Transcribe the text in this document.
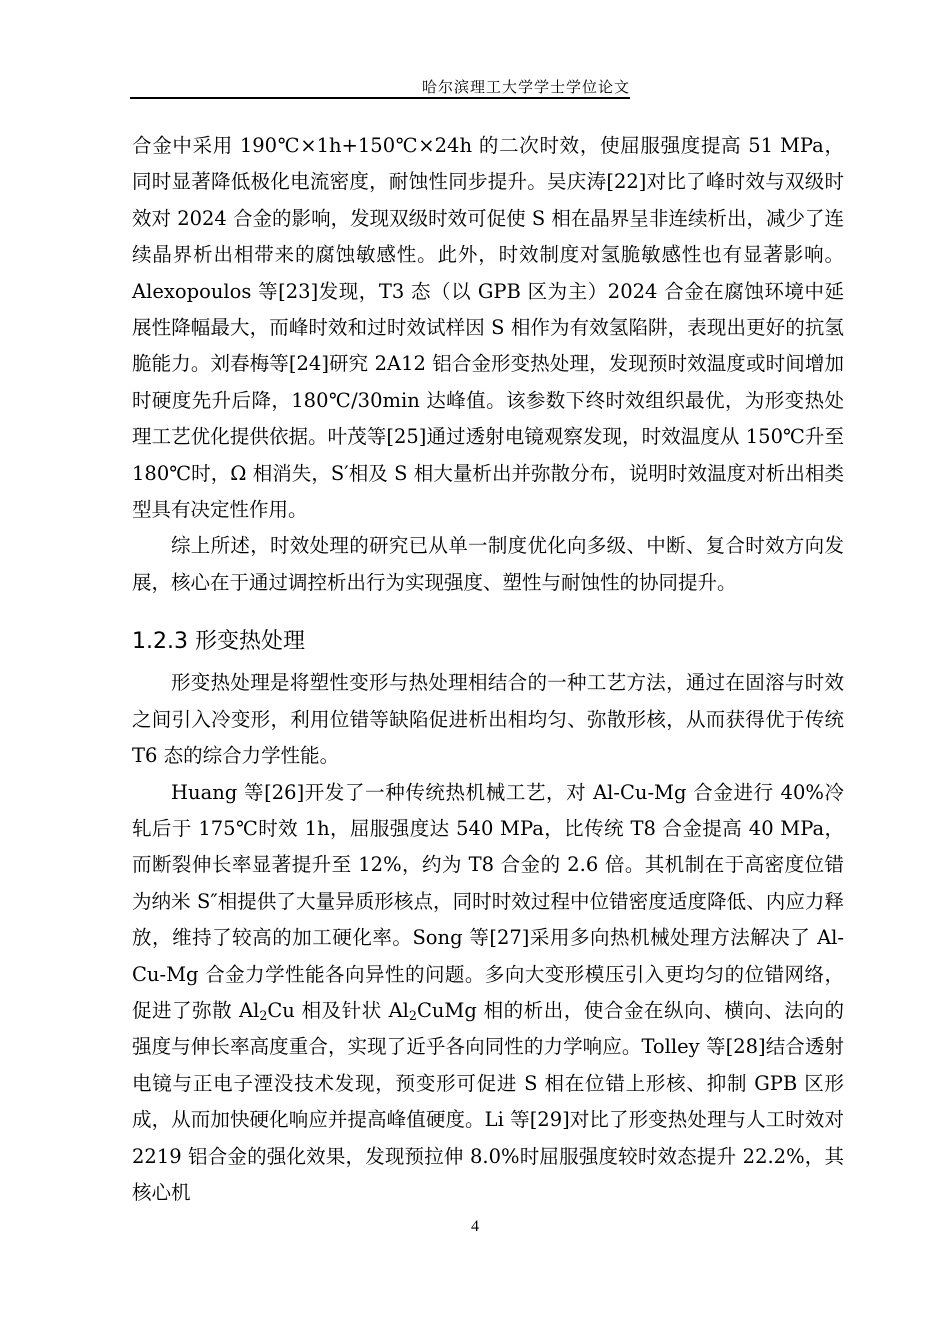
哈尔滨理工大学学士学位论文

合金中采用 190℃×1h+150℃×24h 的二次时效，使屈服强度提高 51 MPa，同时显著降低极化电流密度，耐蚀性同步提升。吴庆涛[22]对比了峰时效与双级时效对 2024 合金的影响，发现双级时效可促使 S 相在晶界呈非连续析出，减少了连续晶界析出相带来的腐蚀敏感性。此外，时效制度对氢脆敏感性也有显著影响。Alexopoulos 等[23]发现，T3 态（以 GPB 区为主）2024 合金在腐蚀环境中延展性降幅最大，而峰时效和过时效试样因 S 相作为有效氢陷阱，表现出更好的抗氢脆能力。刘春梅等[24]研究 2A12 铝合金形变热处理，发现预时效温度或时间增加时硬度先升后降，180℃/30min 达峰值。该参数下终时效组织最优，为形变热处理工艺优化提供依据。叶茂等[25]通过透射电镜观察发现，时效温度从 150℃升至 180℃时，Ω 相消失，S′相及 S 相大量析出并弥散分布，说明时效温度对析出相类型具有决定性作用。

综上所述，时效处理的研究已从单一制度优化向多级、中断、复合时效方向发展，核心在于通过调控析出行为实现强度、塑性与耐蚀性的协同提升。

1.2.3 形变热处理

形变热处理是将塑性变形与热处理相结合的一种工艺方法，通过在固溶与时效之间引入冷变形，利用位错等缺陷促进析出相均匀、弥散形核，从而获得优于传统 T6 态的综合力学性能。

Huang 等[26]开发了一种传统热机械工艺，对 Al-Cu-Mg 合金进行 40%冷轧后于 175℃时效 1h，屈服强度达 540 MPa，比传统 T8 合金提高 40 MPa，而断裂伸长率显著提升至 12%，约为 T8 合金的 2.6 倍。其机制在于高密度位错为纳米 S″相提供了大量异质形核点，同时时效过程中位错密度适度降低、内应力释放，维持了较高的加工硬化率。Song 等[27]采用多向热机械处理方法解决了 Al-Cu-Mg 合金力学性能各向异性的问题。多向大变形模压引入更均匀的位错网络，促进了弥散 $Al_2Cu$ 相及针状 $Al_2CuMg$ 相的析出，使合金在纵向、横向、法向的强度与伸长率高度重合，实现了近乎各向同性的力学响应。Tolley 等[28]结合透射电镜与正电子湮没技术发现，预变形可促进 S 相在位错上形核、抑制 GPB 区形成，从而加快硬化响应并提高峰值硬度。Li 等[29]对比了形变热处理与人工时效对 2219 铝合金的强化效果，发现预拉伸 8.0%时屈服强度较时效态提升 22.2%，其核心机

4
